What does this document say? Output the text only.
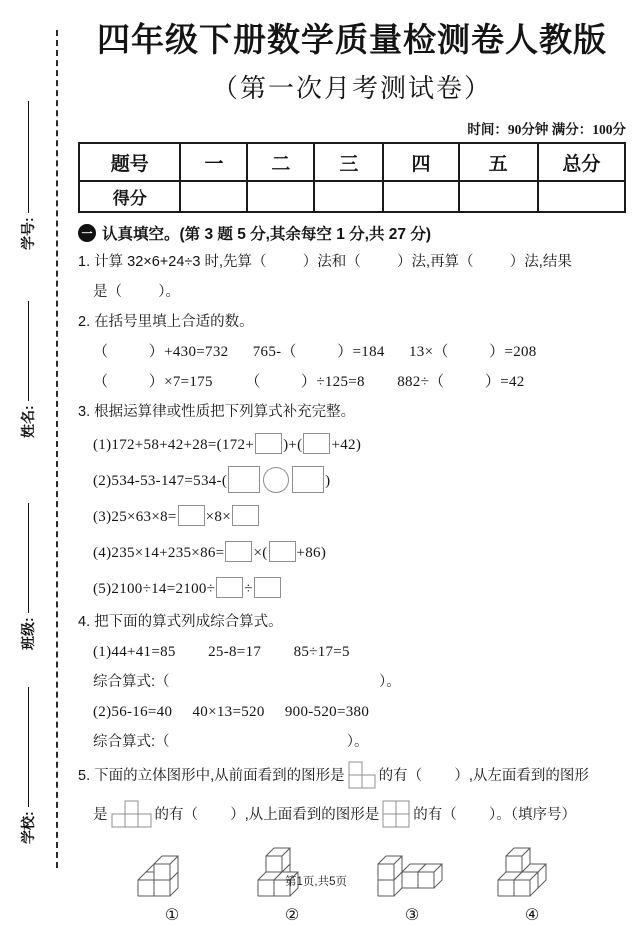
学号:
姓名:
班级:
学校:
四年级下册数学质量检测卷人教版
（第一次月考测试卷）
时间：90分钟 满分：100分
题号	一	二	三	四	五	总分
得分						
一 认真填空。(第 3 题 5 分,其余每空 1 分,共 27 分)
1. 计算 32×6+24÷3 时,先算（         ）法和（         ）法,再算（         ）法,结果
是（         ）。
2. 在括号里填上合适的数。
（          ）+430=732      765-（          ）=184      13×（          ）=208
（          ）×7=175        （          ）÷125=8        882÷（          ）=42
3. 根据运算律或性质把下列算式补充完整。
(1)172+58+42+28=(172+ )+( +42)
(2)534-53-147=534-(	)
(3)25×63×8= ×8×
(4)235×14+235×86= ×( +86)
(5)2100÷14=2100÷ ÷
4. 把下面的算式列成综合算式。
(1)44+41=85        25-8=17        85÷17=5
综合算式:（                                                    ）。
(2)56-16=40     40×13=520     900-520=380
综合算式:（                                            ）。
5. 下面的立体图形中,从前面看到的图形是 的有（        ）,从左面看到的图形
是	的有（        ）,从上面看到的图形是 的有（        ）。（填序号）
①	②	③	④
第1页,共5页
